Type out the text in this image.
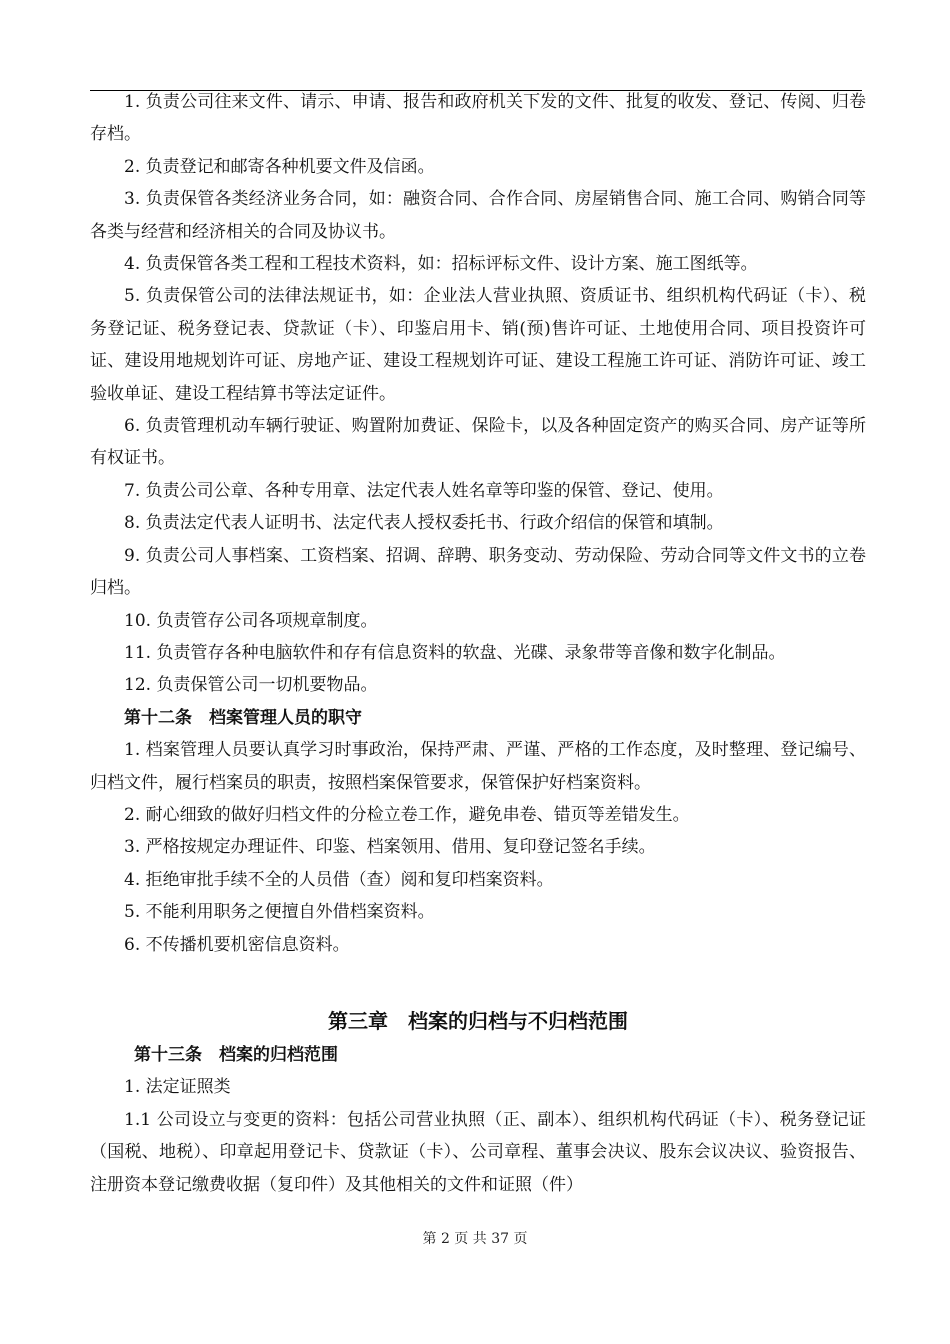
1. 负责公司往来文件、请示、申请、报告和政府机关下发的文件、批复的收发、登记、传阅、归卷存档。

2. 负责登记和邮寄各种机要文件及信函。

3. 负责保管各类经济业务合同，如：融资合同、合作合同、房屋销售合同、施工合同、购销合同等各类与经营和经济相关的合同及协议书。

4. 负责保管各类工程和工程技术资料，如：招标评标文件、设计方案、施工图纸等。

5. 负责保管公司的法律法规证书，如：企业法人营业执照、资质证书、组织机构代码证（卡）、税务登记证、税务登记表、贷款证（卡）、印鉴启用卡、销(预)售许可证、土地使用合同、项目投资许可证、建设用地规划许可证、房地产证、建设工程规划许可证、建设工程施工许可证、消防许可证、竣工验收单证、建设工程结算书等法定证件。

6. 负责管理机动车辆行驶证、购置附加费证、保险卡，以及各种固定资产的购买合同、房产证等所有权证书。

7. 负责公司公章、各种专用章、法定代表人姓名章等印鉴的保管、登记、使用。

8. 负责法定代表人证明书、法定代表人授权委托书、行政介绍信的保管和填制。

9. 负责公司人事档案、工资档案、招调、辞聘、职务变动、劳动保险、劳动合同等文件文书的立卷归档。

10. 负责管存公司各项规章制度。

11. 负责管存各种电脑软件和存有信息资料的软盘、光碟、录象带等音像和数字化制品。

12. 负责保管公司一切机要物品。

第十二条　档案管理人员的职守

1. 档案管理人员要认真学习时事政治，保持严肃、严谨、严格的工作态度，及时整理、登记编号、归档文件，履行档案员的职责，按照档案保管要求，保管保护好档案资料。

2. 耐心细致的做好归档文件的分检立卷工作，避免串卷、错页等差错发生。

3. 严格按规定办理证件、印鉴、档案领用、借用、复印登记签名手续。

4. 拒绝审批手续不全的人员借（查）阅和复印档案资料。

5. 不能利用职务之便擅自外借档案资料。

6. 不传播机要机密信息资料。

第三章　档案的归档与不归档范围

第十三条　档案的归档范围

1. 法定证照类

1.1 公司设立与变更的资料：包括公司营业执照（正、副本）、组织机构代码证（卡）、税务登记证（国税、地税）、印章起用登记卡、贷款证（卡）、公司章程、董事会决议、股东会议决议、验资报告、注册资本登记缴费收据（复印件）及其他相关的文件和证照（件）

第 2 页 共 37 页
